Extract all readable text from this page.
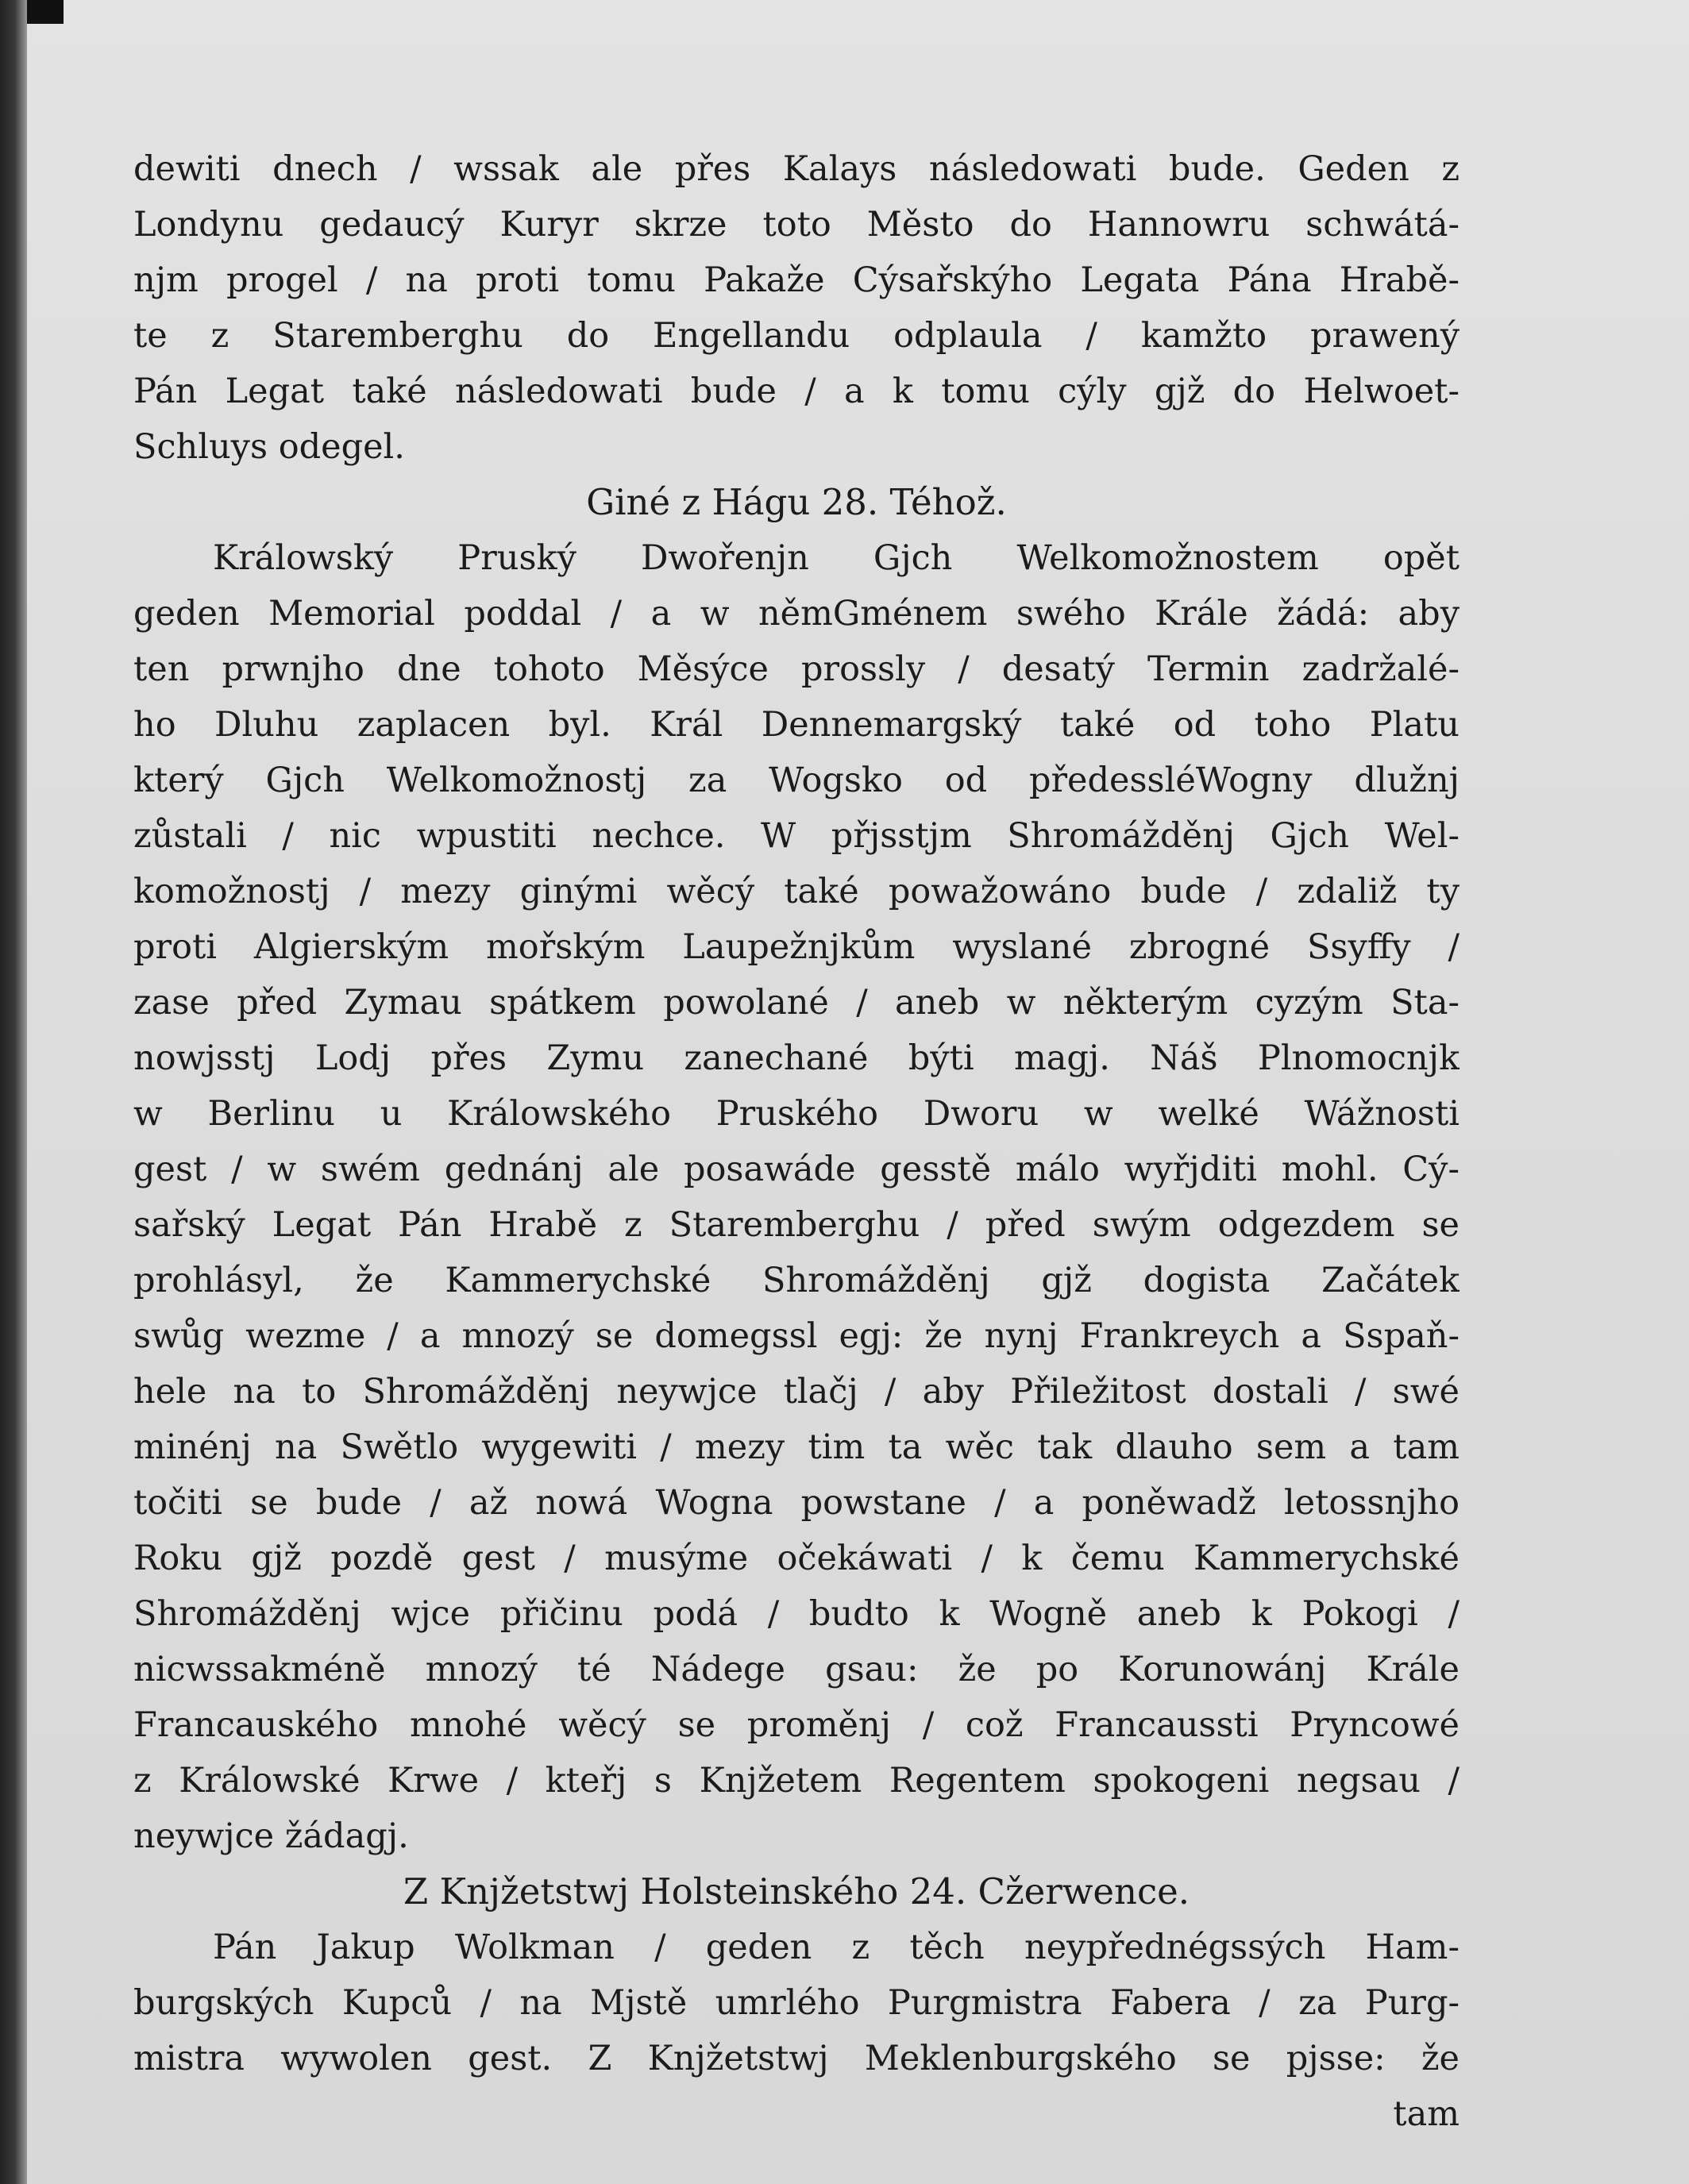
dewiti dnech / wssak ale přes Kalays následowati bude. Geden z
Londynu gedaucý Kuryr skrze toto Město do Hannowru schwátá-
njm progel / na proti tomu Pakaže Cýsařskýho Legata Pána Hrabě-
te z Staremberghu do Engellandu odplaula / kamžto prawený
Pán Legat také následowati bude / a k tomu cýly gjž do Helwoet-
Schluys odegel.
Giné z Hágu 28. Téhož.
Králowský Pruský Dwořenjn Gjch Welkomožnostem opět
geden Memorial poddal / a w němGménem swého Krále žádá: aby
ten prwnjho dne tohoto Měsýce prossly / desatý Termin zadržalé-
ho Dluhu zaplacen byl. Král Dennemargský také od toho Platu
který Gjch Welkomožnostj za Wogsko od předessléWogny dlužnj
zůstali / nic wpustiti nechce. W přjsstjm Shromážděnj Gjch Wel-
komožnostj / mezy ginými wěcý také powažowáno bude / zdaliž ty
proti Algierským mořským Laupežnjkům wyslané zbrogné Ssyffy /
zase před Zymau spátkem powolané / aneb w některým cyzým Sta-
nowjsstj Lodj přes Zymu zanechané býti magj. Náš Plnomocnjk
w Berlinu u Králowského Pruského Dworu w welké Wážnosti
gest / w swém gednánj ale posawáde gesstě málo wyřjditi mohl. Cý-
sařský Legat Pán Hrabě z Staremberghu / před swým odgezdem se
prohlásyl, že Kammerychské Shromážděnj gjž dogista Začátek
swůg wezme / a mnozý se domegssl egj: že nynj Frankreych a Sspaň-
hele na to Shromážděnj neywjce tlačj / aby Přiležitost dostali / swé
minénj na Swětlo wygewiti / mezy tim ta wěc tak dlauho sem a tam
točiti se bude / až nowá Wogna powstane / a poněwadž letossnjho
Roku gjž pozdě gest / musýme očekáwati / k čemu Kammerychské
Shromážděnj wjce přičinu podá / budto k Wogně aneb k Pokogi /
nicwssakméně mnozý té Nádege gsau: že po Korunowánj Krále
Francauského mnohé wěcý se proměnj / což Francaussti Pryncowé
z Králowské Krwe / kteřj s Knjžetem Regentem spokogeni negsau /
neywjce žádagj.
Z Knjžetstwj Holsteinského 24. Cžerwence.
Pán Jakup Wolkman / geden z těch neypřednégssých Ham-
burgských Kupců / na Mjstě umrlého Purgmistra Fabera / za Purg-
mistra wywolen gest. Z Knjžetstwj Meklenburgského se pjsse: že
tam
